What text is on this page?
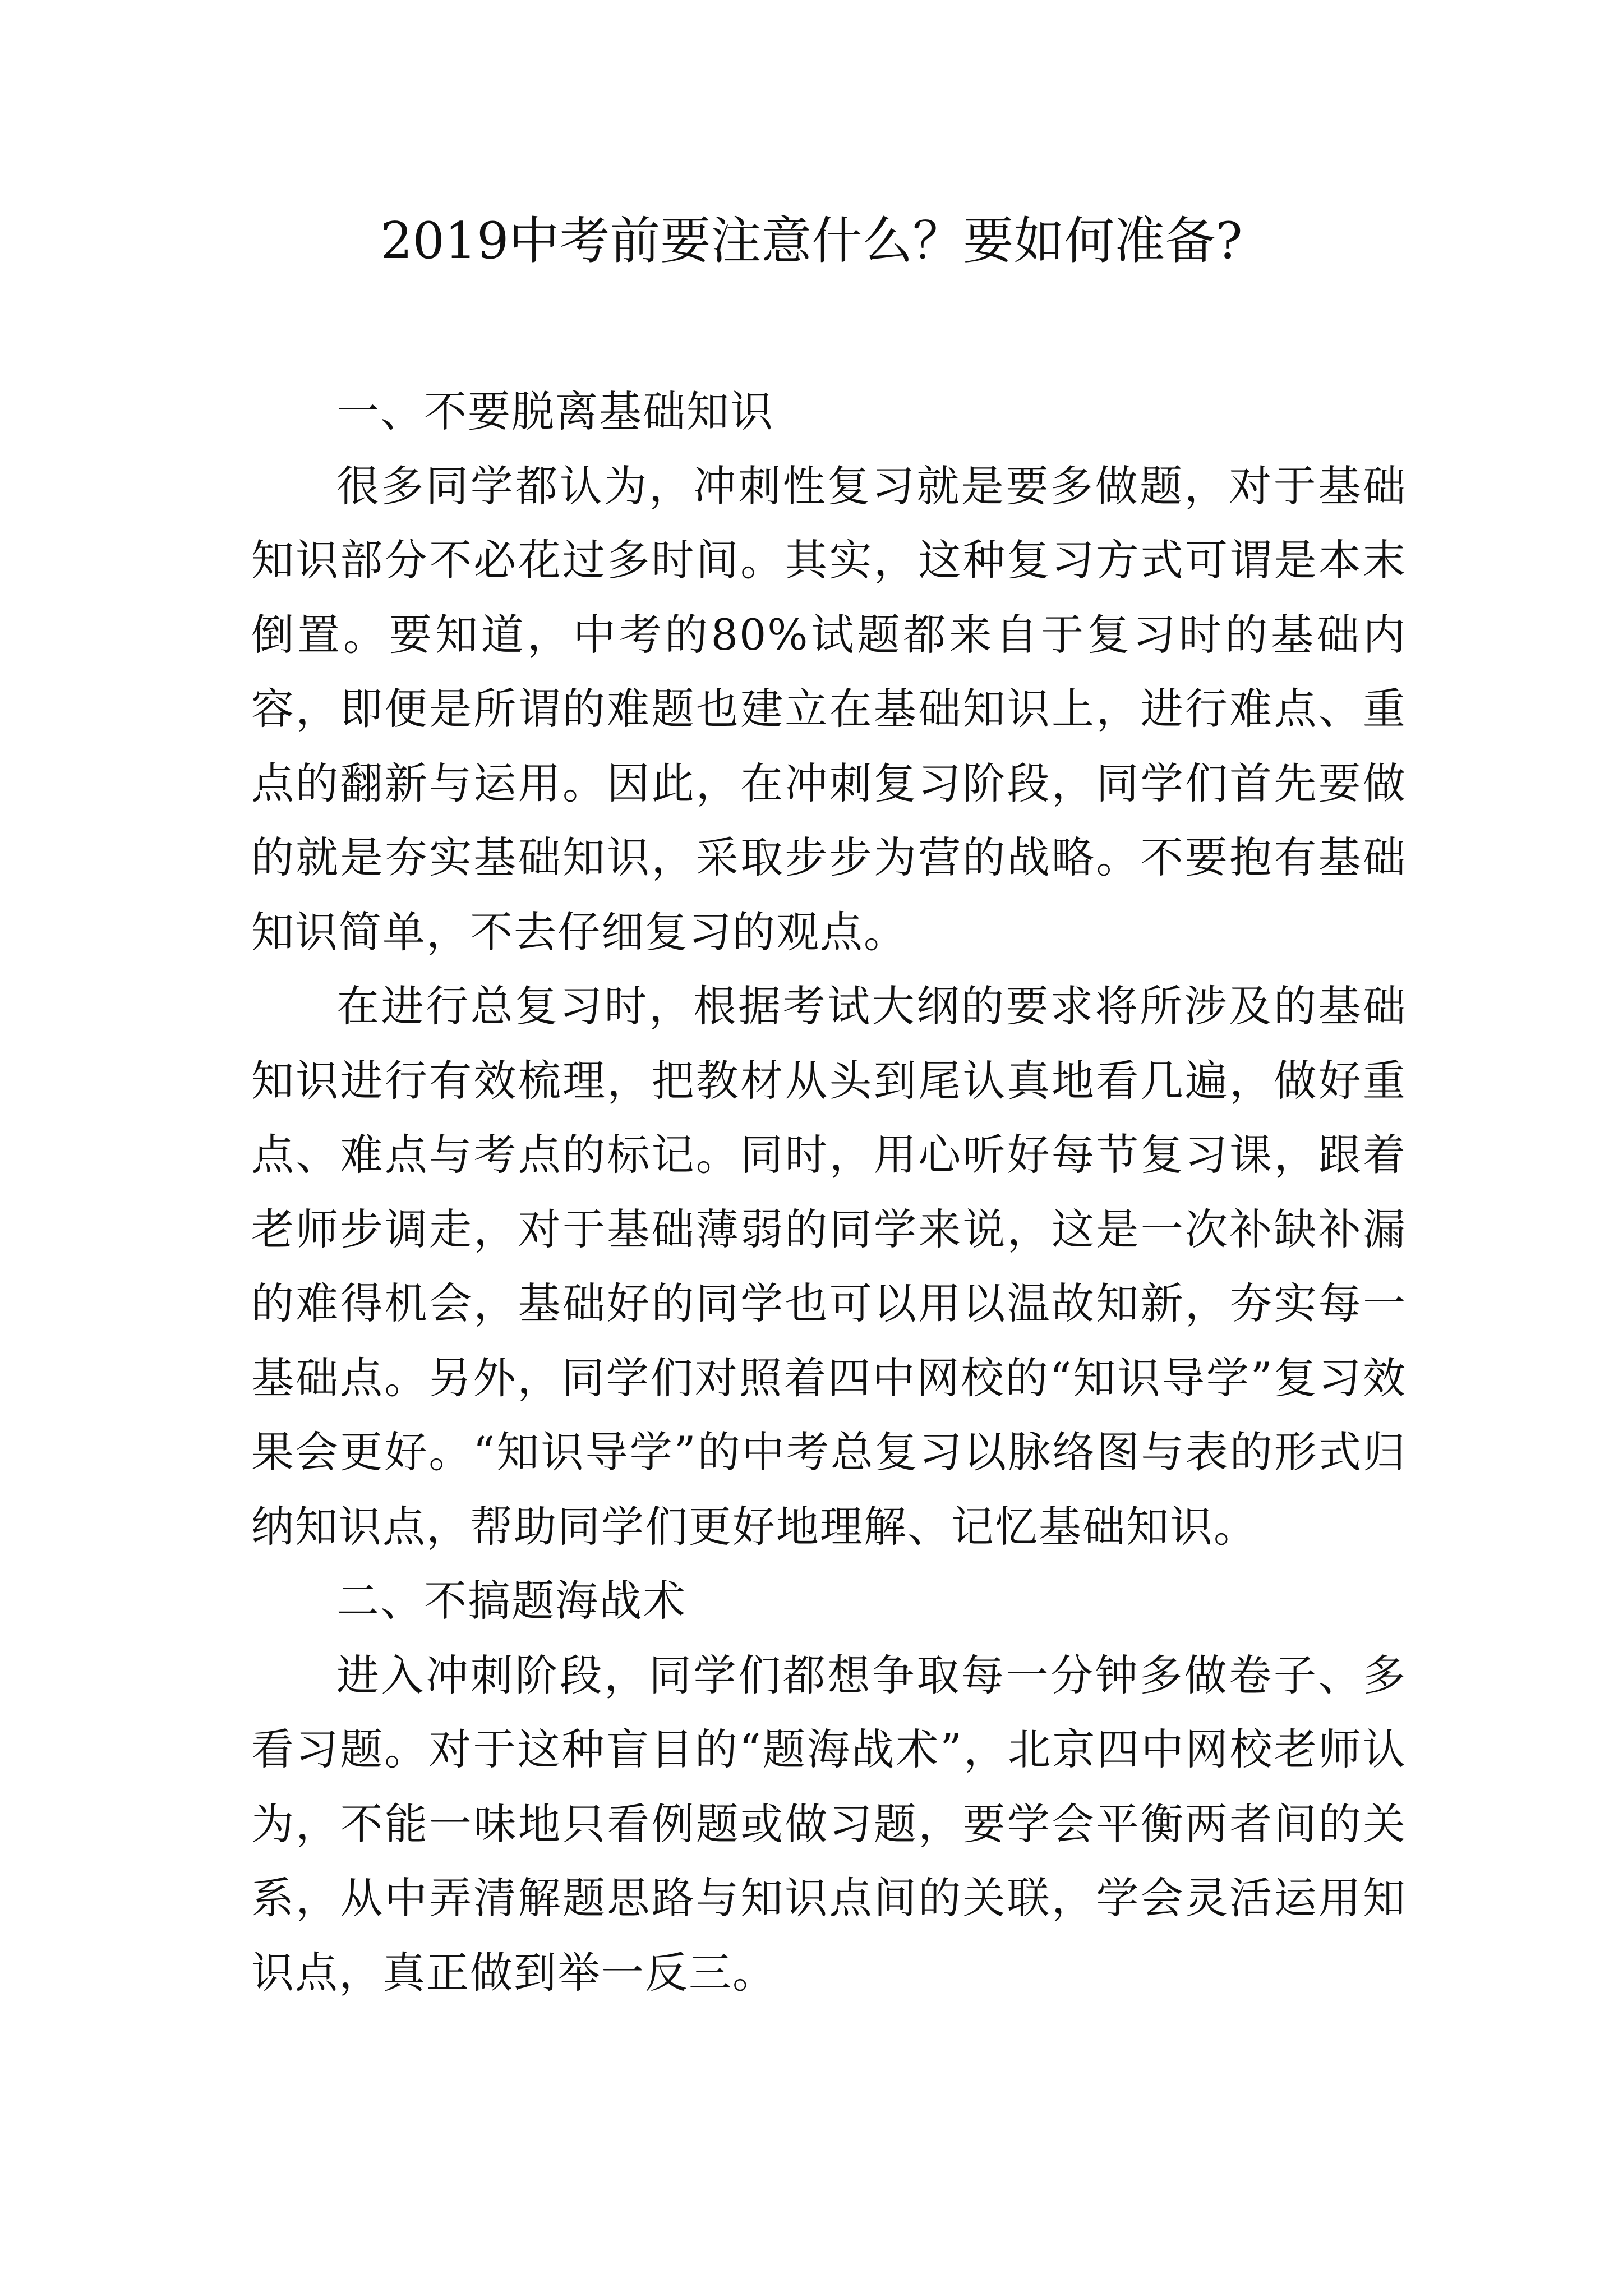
2019中考前要注意什么？要如何准备?

一、不要脱离基础知识

很多同学都认为，冲刺性复习就是要多做题，对于基础知识部分不必花过多时间。其实，这种复习方式可谓是本末倒置。要知道，中考的80%试题都来自于复习时的基础内容，即便是所谓的难题也建立在基础知识上，进行难点、重点的翻新与运用。因此，在冲刺复习阶段，同学们首先要做的就是夯实基础知识，采取步步为营的战略。不要抱有基础知识简单，不去仔细复习的观点。

在进行总复习时，根据考试大纲的要求将所涉及的基础知识进行有效梳理，把教材从头到尾认真地看几遍，做好重点、难点与考点的标记。同时，用心听好每节复习课，跟着老师步调走，对于基础薄弱的同学来说，这是一次补缺补漏的难得机会，基础好的同学也可以用以温故知新，夯实每一基础点。另外，同学们对照着四中网校的“知识导学”复习效果会更好。“知识导学”的中考总复习以脉络图与表的形式归纳知识点，帮助同学们更好地理解、记忆基础知识。

二、不搞题海战术

进入冲刺阶段，同学们都想争取每一分钟多做卷子、多看习题。对于这种盲目的“题海战术”，北京四中网校老师认为，不能一味地只看例题或做习题，要学会平衡两者间的关系，从中弄清解题思路与知识点间的关联，学会灵活运用知识点，真正做到举一反三。
